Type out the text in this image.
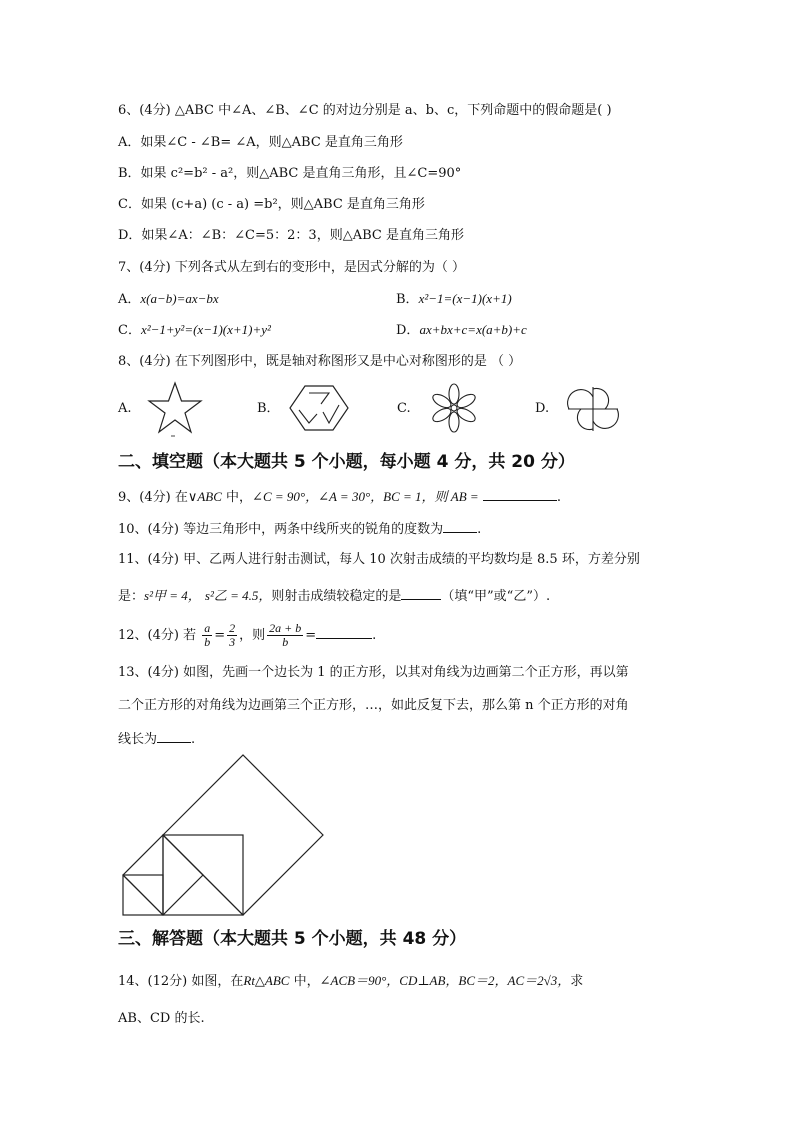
6、(4分) △ABC 中∠A、∠B、∠C 的对边分别是 a、b、c，下列命题中的假命题是( )
A．如果∠C - ∠B= ∠A，则△ABC 是直角三角形
B．如果 c²=b² - a²，则△ABC 是直角三角形，且∠C=90°
C．如果 (c+a) (c - a) =b²，则△ABC 是直角三角形
D．如果∠A：∠B：∠C=5：2：3，则△ABC 是直角三角形
7、(4分) 下列各式从左到右的变形中，是因式分解的为（ ）
A．x(a−b)=ax−bx	B．x²−1=(x−1)(x+1)
C．x²−1+y²=(x−1)(x+1)+y²	D．ax+bx+c=x(a+b)+c
8、(4分) 在下列图形中，既是轴对称图形又是中心对称图形的是 （ ）
A.	B．	C.	D.
二、填空题（本大题共 5 个小题，每小题 4 分，共 20 分）
9、(4分) 在∨ABC 中，∠C = 90°，∠A = 30°，BC = 1，则 AB =	.
10、(4分) 等边三角形中，两条中线所夹的锐角的度数为	.
11、(4分) 甲、乙两人进行射击测试，每人 10 次射击成绩的平均数均是 8.5 环，方差分别
是：s²甲 = 4， s²乙 = 4.5，则射击成绩较稳定的是	（填“甲”或“乙”）.
12、(4分) 若 $\frac{a}{b} = \frac{2}{3}$ ，则 $\frac{2a + b}{b}$ =	.
13、(4分) 如图，先画一个边长为 1 的正方形，以其对角线为边画第二个正方形，再以第
二个正方形的对角线为边画第三个正方形，…，如此反复下去，那么第 n 个正方形的对角
线长为	.
三、解答题（本大题共 5 个小题，共 48 分）
14、(12分) 如图，在Rt△ABC 中，∠ACB＝90°，CD⊥AB，BC＝2，AC＝2√3，求
AB、CD 的长.
